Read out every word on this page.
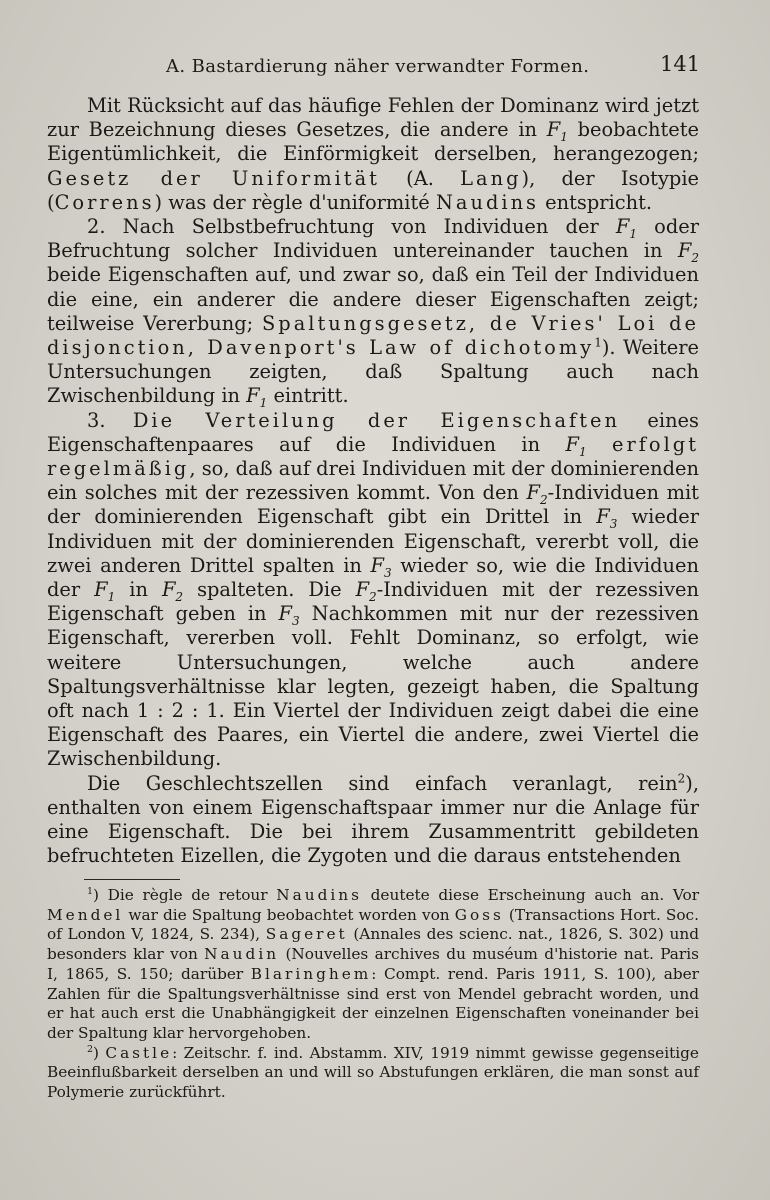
A. Bastardierung näher verwandter Formen.	141

Mit Rücksicht auf das häufige Fehlen der Dominanz wird jetzt zur Bezeichnung dieses Gesetzes, die andere in $F_1$ beobachtete Eigentümlichkeit, die Einförmigkeit derselben, herangezogen; Gesetz der Uniformität (A. Lang), der Isotypie (Correns) was der règle d'uniformité Naudins entspricht.

2. Nach Selbstbefruchtung von Individuen der $F_1$ oder Befruchtung solcher Individuen untereinander tauchen in $F_2$ beide Eigenschaften auf, und zwar so, daß ein Teil der Individuen die eine, ein anderer die andere dieser Eigenschaften zeigt; teilweise Vererbung; Spaltungsgesetz, de Vries' Loi de disjonction, Davenport's Law of dichotomy$^1$). Weitere Untersuchungen zeigten, daß Spaltung auch nach Zwischenbildung in $F_1$ eintritt.

3. Die Verteilung der Eigenschaften eines Eigenschaftenpaares auf die Individuen in $F_1$ erfolgt regelmäßig, so, daß auf drei Individuen mit der dominierenden ein solches mit der rezessiven kommt. Von den $F_2$-Individuen mit der dominierenden Eigenschaft gibt ein Drittel in $F_3$ wieder Individuen mit der dominierenden Eigenschaft, vererbt voll, die zwei anderen Drittel spalten in $F_3$ wieder so, wie die Individuen der $F_1$ in $F_2$ spalteten. Die $F_2$-Individuen mit der rezessiven Eigenschaft geben in $F_3$ Nachkommen mit nur der rezessiven Eigenschaft, vererben voll. Fehlt Dominanz, so erfolgt, wie weitere Untersuchungen, welche auch andere Spaltungsverhältnisse klar legten, gezeigt haben, die Spaltung oft nach 1 : 2 : 1. Ein Viertel der Individuen zeigt dabei die eine Eigenschaft des Paares, ein Viertel die andere, zwei Viertel die Zwischenbildung.

Die Geschlechtszellen sind einfach veranlagt, rein$^2$), enthalten von einem Eigenschaftspaar immer nur die Anlage für eine Eigenschaft. Die bei ihrem Zusammentritt gebildeten befruchteten Eizellen, die Zygoten und die daraus entstehenden

$^1$) Die règle de retour Naudins deutete diese Erscheinung auch an. Vor Mendel war die Spaltung beobachtet worden von Goss (Transactions Hort. Soc. of London V, 1824, S. 234), Sageret (Annales des scienc. nat., 1826, S. 302) und besonders klar von Naudin (Nouvelles archives du muséum d'historie nat. Paris I, 1865, S. 150; darüber Blaringhem: Compt. rend. Paris 1911, S. 100), aber Zahlen für die Spaltungsverhältnisse sind erst von Mendel gebracht worden, und er hat auch erst die Unabhängigkeit der einzelnen Eigenschaften voneinander bei der Spaltung klar hervorgehoben.

$^2$) Castle: Zeitschr. f. ind. Abstamm. XIV, 1919 nimmt gewisse gegenseitige Beeinflußbarkeit derselben an und will so Abstufungen erklären, die man sonst auf Polymerie zurückführt.
